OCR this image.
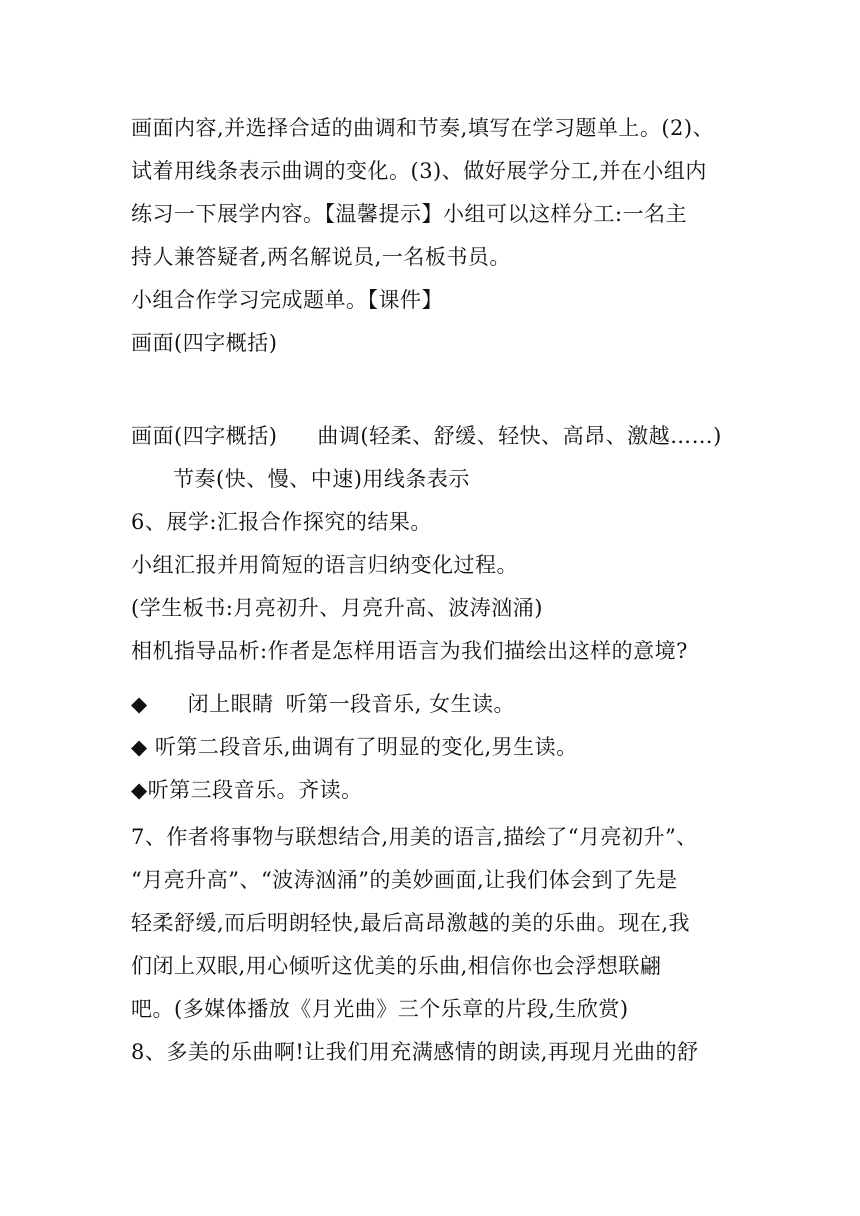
画面内容,并选择合适的曲调和节奏,填写在学习题单上。(2)、
试着用线条表示曲调的变化。(3)、做好展学分工,并在小组内
练习一下展学内容。【温馨提示】小组可以这样分工:一名主
持人兼答疑者,两名解说员,一名板书员。
小组合作学习完成题单。【课件】
画面(四字概括)
画面(四字概括) 曲调(轻柔、舒缓、轻快、高昂、激越……)
节奏(快、慢、中速)用线条表示
6、展学:汇报合作探究的结果。
小组汇报并用简短的语言归纳变化过程。
(学生板书:月亮初升、月亮升高、波涛汹涌)
相机指导品析:作者是怎样用语言为我们描绘出这样的意境?
◆ 闭上眼睛 听第一段音乐, 女生读。
◆ 听第二段音乐,曲调有了明显的变化,男生读。
◆听第三段音乐。齐读。
7、作者将事物与联想结合,用美的语言,描绘了“月亮初升”、
“月亮升高”、“波涛汹涌”的美妙画面,让我们体会到了先是
轻柔舒缓,而后明朗轻快,最后高昂激越的美的乐曲。现在,我
们闭上双眼,用心倾听这优美的乐曲,相信你也会浮想联翩
吧。(多媒体播放《月光曲》三个乐章的片段,生欣赏)
8、多美的乐曲啊!让我们用充满感情的朗读,再现月光曲的舒
